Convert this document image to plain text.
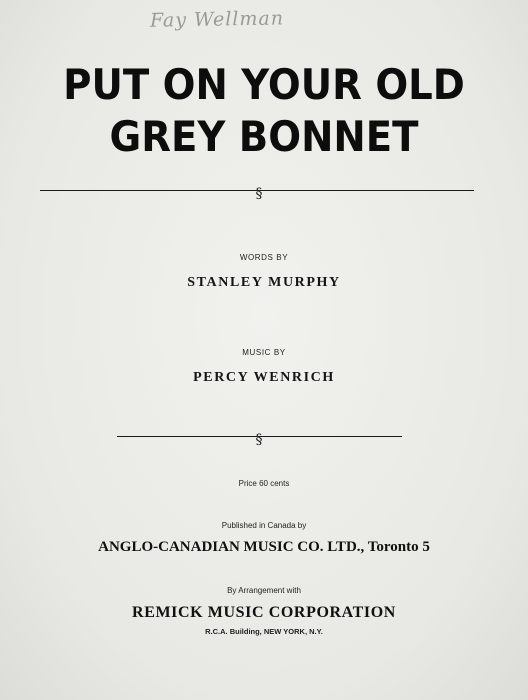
Fay Wellman
PUT ON YOUR OLD
GREY BONNET
§
WORDS BY
STANLEY MURPHY
MUSIC BY
PERCY WENRICH
§
Price 60 cents
Published in Canada by
ANGLO-CANADIAN MUSIC CO. LTD., Toronto 5
By Arrangement with
REMICK MUSIC CORPORATION
R.C.A. Building, NEW YORK, N.Y.
